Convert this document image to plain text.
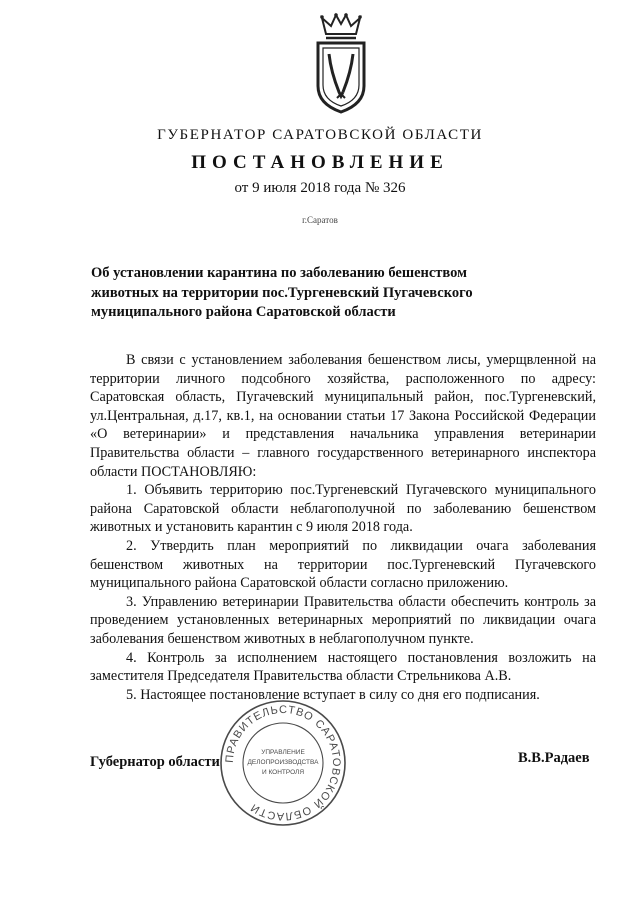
ГУБЕРНАТОР САРАТОВСКОЙ ОБЛАСТИ
ПОСТАНОВЛЕНИЕ
от 9 июля 2018 года № 326
г.Саратов
Об установлении карантина по заболеванию бешенством животных на территории пос.Тургеневский Пугачевского муниципального района Саратовской области

В связи с установлением заболевания бешенством лисы, умерщвленной на территории личного подсобного хозяйства, расположенного по адресу: Саратовская область, Пугачевский муниципальный район, пос.Тургеневский, ул.Центральная, д.17, кв.1, на основании статьи 17 Закона Российской Федерации «О ветеринарии» и представления начальника управления ветеринарии Правительства области – главного государственного ветеринарного инспектора области ПОСТАНОВЛЯЮ:

1. Объявить территорию пос.Тургеневский Пугачевского муниципального района Саратовской области неблагополучной по заболеванию бешенством животных и установить карантин с 9 июля 2018 года.

2. Утвердить план мероприятий по ликвидации очага заболевания бешенством животных на территории пос.Тургеневский Пугачевского муниципального района Саратовской области согласно приложению.

3. Управлению ветеринарии Правительства области обеспечить контроль за проведением установленных ветеринарных мероприятий по ликвидации очага заболевания бешенством животных в неблагополучном пункте.

4. Контроль за исполнением настоящего постановления возложить на заместителя Председателя Правительства области Стрельникова А.В.

5. Настоящее постановление вступает в силу со дня его подписания.

ПРАВИТЕЛЬСТВО САРАТОВСКОЙ ОБЛАСТИ
УПРАВЛЕНИЕ
ДЕЛОПРОИЗВОДСТВА
И КОНТРОЛЯ
Губернатор области	В.В.Радаев
